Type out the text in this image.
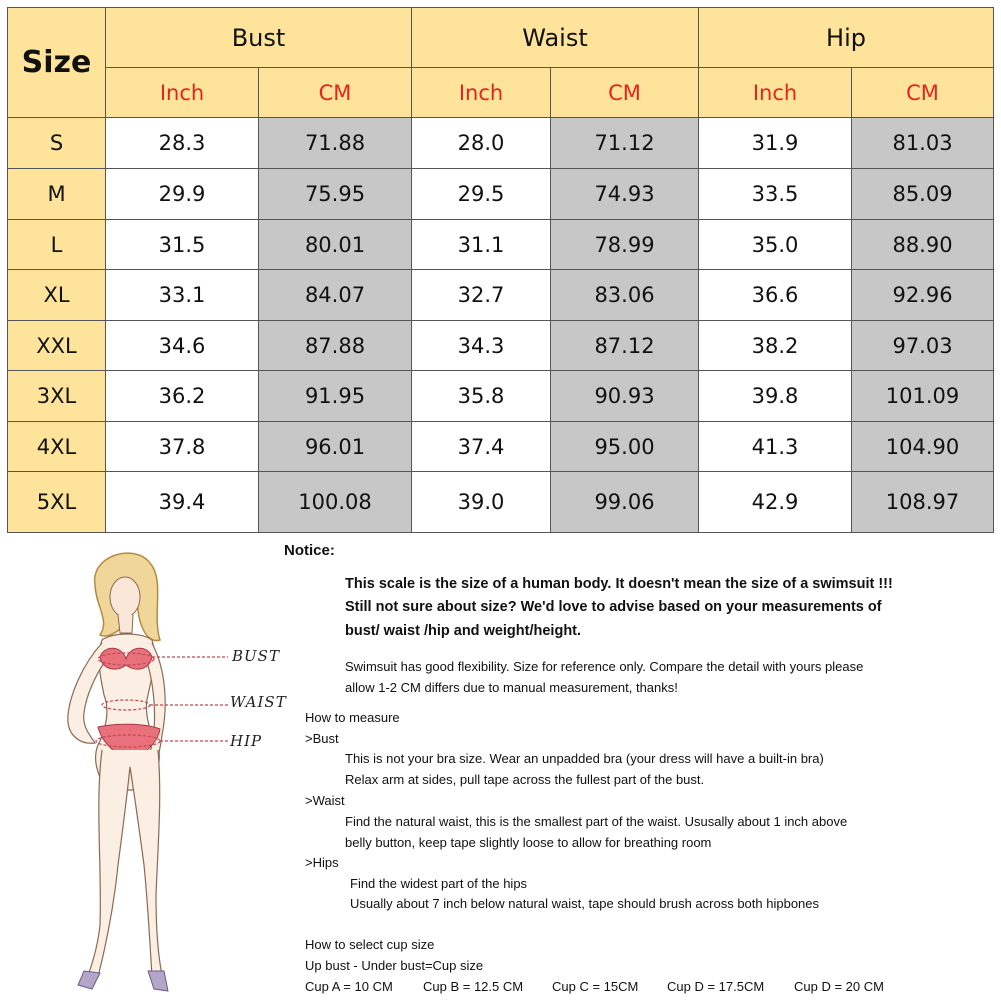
Size	Bust		Waist		Hip	
	Inch	CM	Inch	CM	Inch	CM
S	28.3	71.88	28.0	71.12	31.9	81.03
M	29.9	75.95	29.5	74.93	33.5	85.09
L	31.5	80.01	31.1	78.99	35.0	88.90
XL	33.1	84.07	32.7	83.06	36.6	92.96
XXL	34.6	87.88	34.3	87.12	38.2	97.03
3XL	36.2	91.95	35.8	90.93	39.8	101.09
4XL	37.8	96.01	37.4	95.00	41.3	104.90
5XL	39.4	100.08	39.0	99.06	42.9	108.97
BUST
WAIST
HIP
Notice:
This scale is the size of a human body. It doesn't mean the size of a swimsuit !!!
Still not sure about size? We'd love to advise based on your measurements of
bust/ waist /hip and weight/height.
Swimsuit has good flexibility. Size for reference only. Compare the detail with yours please
allow 1-2 CM differs due to manual measurement, thanks!
How to measure
>Bust
This is not your bra size. Wear an unpadded bra (your dress will have a built-in bra)
Relax arm at sides, pull tape across the fullest part of the bust.
>Waist
Find the natural waist, this is the smallest part of the waist. Ususally about 1 inch above
belly button, keep tape slightly loose to allow for breathing room
>Hips
Find the widest part of the hips
Usually about 7 inch below natural waist, tape should brush across both hipbones
How to select cup size
Up bust - Under bust=Cup size
Cup A = 10 CM Cup B = 12.5 CM Cup C = 15CM Cup D = 17.5CM Cup D = 20 CM
